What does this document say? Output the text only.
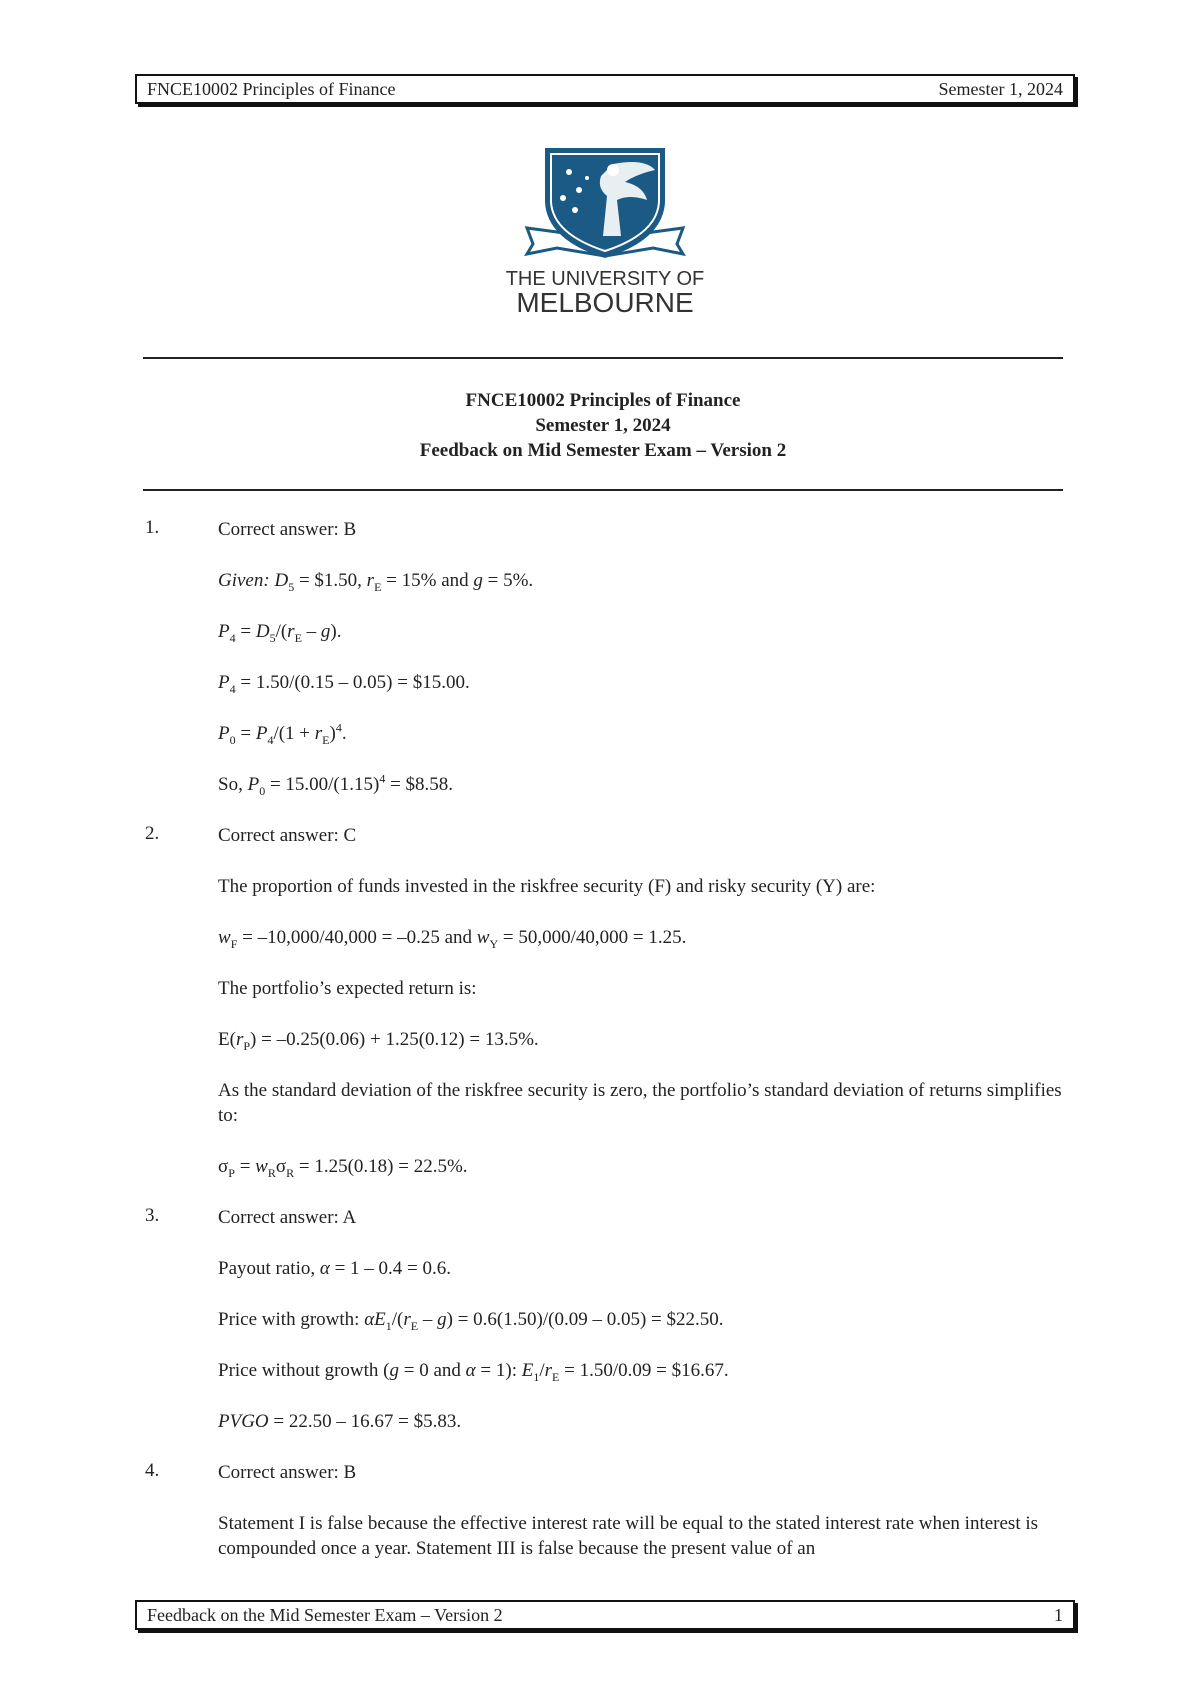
FNCE10002 Principles of Finance	Semester 1, 2024
THE UNIVERSITY OF
MELBOURNE
FNCE10002 Principles of Finance
Semester 1, 2024
Feedback on Mid Semester Exam – Version 2
1.	Correct answer: B

Given: $D_5$ = $1.50, $r_E = 15\%$ and g = 5%.

$P_4 = D_5/(r_E - g)$.

$P_4 = 1.50/(0.15 - 0.05)$ = $15.00.

$P_0 = P_4/(1 + r_E)^4$.

So, $P_0 = 15.00/(1.15)^4$ = $8.58.

2.	Correct answer: C

The proportion of funds invested in the riskfree security (F) and risky security (Y) are:

$w_F = -10,000/40,000 = -0.25$ and $w_Y = 50,000/40,000 = 1.25$.

The portfolio’s expected return is:

$E(r_P) = -0.25(0.06) + 1.25(0.12) = 13.5\%$.

As the standard deviation of the riskfree security is zero, the portfolio’s standard deviation of returns simplifies to:

$\sigma_P = w_R\sigma_R = 1.25(0.18) = 22.5\%$.

3.	Correct answer: A

Payout ratio, α = 1 – 0.4 = 0.6.

Price with growth: $\alpha E_1/(r_E - g) = 0.6(1.50)/(0.09 - 0.05)$ = $22.50.

Price without growth (g = 0 and α = 1): $E_1/r_E = 1.50/0.09$ = $16.67.

PVGO = 22.50 – 16.67 = $5.83.

4.	Correct answer: B

Statement I is false because the effective interest rate will be equal to the stated interest rate when interest is compounded once a year. Statement III is false because the present value of an

Feedback on the Mid Semester Exam – Version 2	1
